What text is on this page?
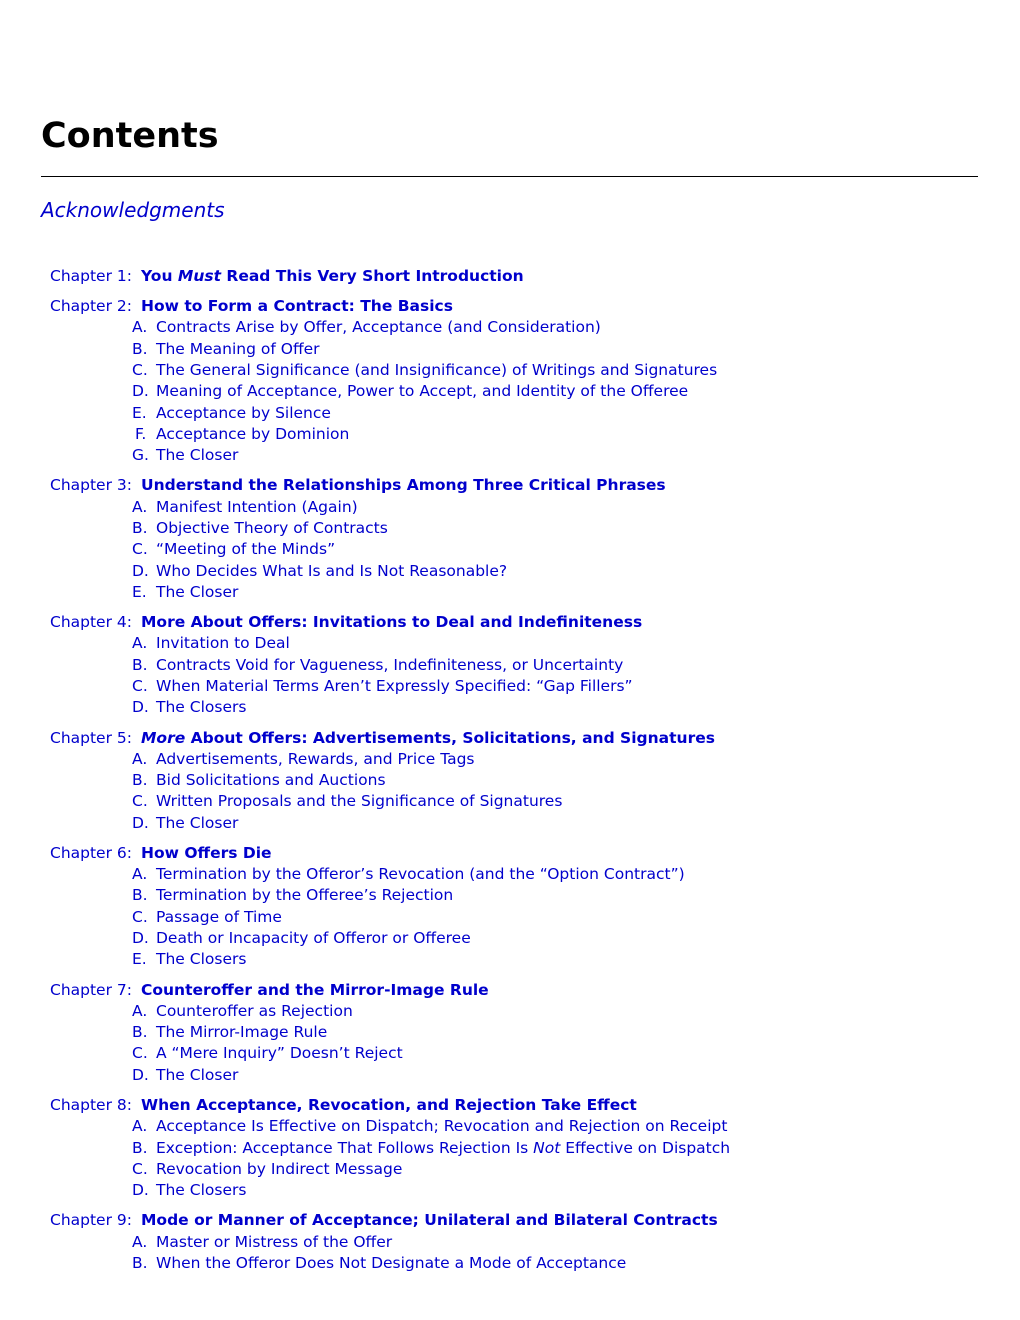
Contents
Acknowledgments
Chapter 1: You Must Read This Very Short Introduction
Chapter 2: How to Form a Contract: The Basics
A. Contracts Arise by Offer, Acceptance (and Consideration)
B. The Meaning of Offer
C. The General Significance (and Insignificance) of Writings and Signatures
D. Meaning of Acceptance, Power to Accept, and Identity of the Offeree
E. Acceptance by Silence
F. Acceptance by Dominion
G. The Closer
Chapter 3: Understand the Relationships Among Three Critical Phrases
A. Manifest Intention (Again)
B. Objective Theory of Contracts
C. “Meeting of the Minds”
D. Who Decides What Is and Is Not Reasonable?
E. The Closer
Chapter 4: More About Offers: Invitations to Deal and Indefiniteness
A. Invitation to Deal
B. Contracts Void for Vagueness, Indefiniteness, or Uncertainty
C. When Material Terms Aren’t Expressly Specified: “Gap Fillers”
D. The Closers
Chapter 5: More About Offers: Advertisements, Solicitations, and Signatures
A. Advertisements, Rewards, and Price Tags
B. Bid Solicitations and Auctions
C. Written Proposals and the Significance of Signatures
D. The Closer
Chapter 6: How Offers Die
A. Termination by the Offeror’s Revocation (and the “Option Contract”)
B. Termination by the Offeree’s Rejection
C. Passage of Time
D. Death or Incapacity of Offeror or Offeree
E. The Closers
Chapter 7: Counteroffer and the Mirror-Image Rule
A. Counteroffer as Rejection
B. The Mirror-Image Rule
C. A “Mere Inquiry” Doesn’t Reject
D. The Closer
Chapter 8: When Acceptance, Revocation, and Rejection Take Effect
A. Acceptance Is Effective on Dispatch; Revocation and Rejection on Receipt
B. Exception: Acceptance That Follows Rejection Is Not Effective on Dispatch
C. Revocation by Indirect Message
D. The Closers
Chapter 9: Mode or Manner of Acceptance; Unilateral and Bilateral Contracts
A. Master or Mistress of the Offer
B. When the Offeror Does Not Designate a Mode of Acceptance
